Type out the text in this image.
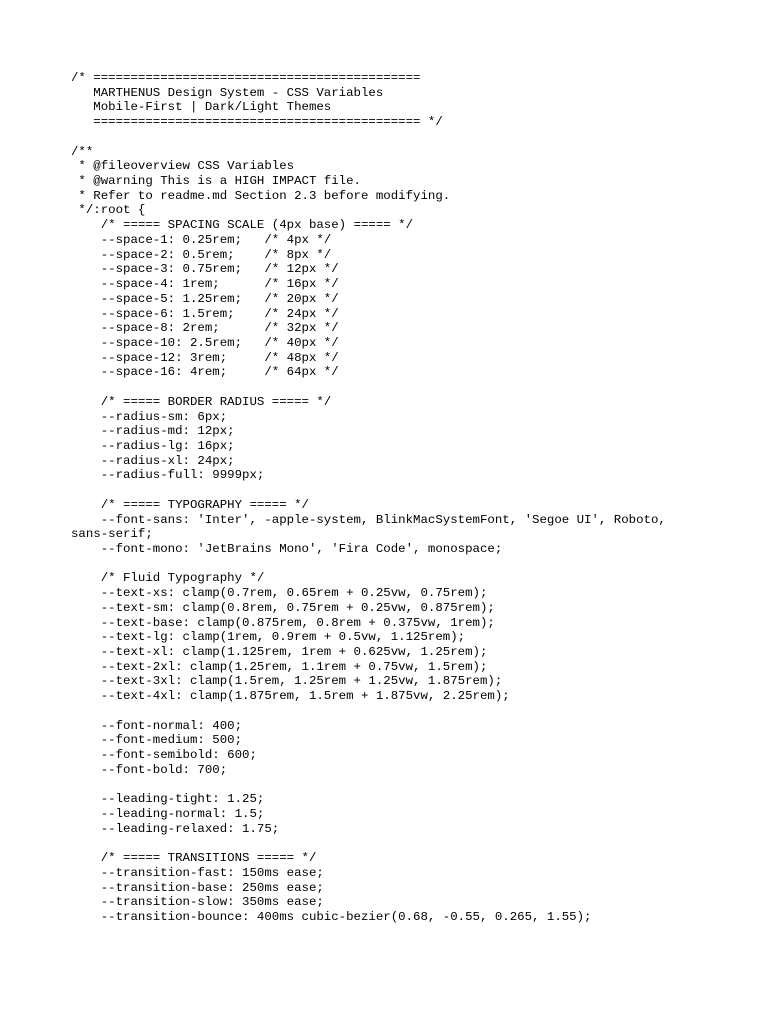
/* ============================================
MARTHENUS Design System - CSS Variables
Mobile-First | Dark/Light Themes
============================================ */
/**
* @fileoverview CSS Variables
* @warning This is a HIGH IMPACT file.
* Refer to readme.md Section 2.3 before modifying.
*/:root {
/* ===== SPACING SCALE (4px base) ===== */
--space-1: 0.25rem;   /* 4px */
--space-2: 0.5rem;    /* 8px */
--space-3: 0.75rem;   /* 12px */
--space-4: 1rem;      /* 16px */
--space-5: 1.25rem;   /* 20px */
--space-6: 1.5rem;    /* 24px */
--space-8: 2rem;      /* 32px */
--space-10: 2.5rem;   /* 40px */
--space-12: 3rem;     /* 48px */
--space-16: 4rem;     /* 64px */
/* ===== BORDER RADIUS ===== */
--radius-sm: 6px;
--radius-md: 12px;
--radius-lg: 16px;
--radius-xl: 24px;
--radius-full: 9999px;
/* ===== TYPOGRAPHY ===== */
--font-sans: 'Inter', -apple-system, BlinkMacSystemFont, 'Segoe UI', Roboto,
sans-serif;
--font-mono: 'JetBrains Mono', 'Fira Code', monospace;
/* Fluid Typography */
--text-xs: clamp(0.7rem, 0.65rem + 0.25vw, 0.75rem);
--text-sm: clamp(0.8rem, 0.75rem + 0.25vw, 0.875rem);
--text-base: clamp(0.875rem, 0.8rem + 0.375vw, 1rem);
--text-lg: clamp(1rem, 0.9rem + 0.5vw, 1.125rem);
--text-xl: clamp(1.125rem, 1rem + 0.625vw, 1.25rem);
--text-2xl: clamp(1.25rem, 1.1rem + 0.75vw, 1.5rem);
--text-3xl: clamp(1.5rem, 1.25rem + 1.25vw, 1.875rem);
--text-4xl: clamp(1.875rem, 1.5rem + 1.875vw, 2.25rem);
--font-normal: 400;
--font-medium: 500;
--font-semibold: 600;
--font-bold: 700;
--leading-tight: 1.25;
--leading-normal: 1.5;
--leading-relaxed: 1.75;
/* ===== TRANSITIONS ===== */
--transition-fast: 150ms ease;
--transition-base: 250ms ease;
--transition-slow: 350ms ease;
--transition-bounce: 400ms cubic-bezier(0.68, -0.55, 0.265, 1.55);
